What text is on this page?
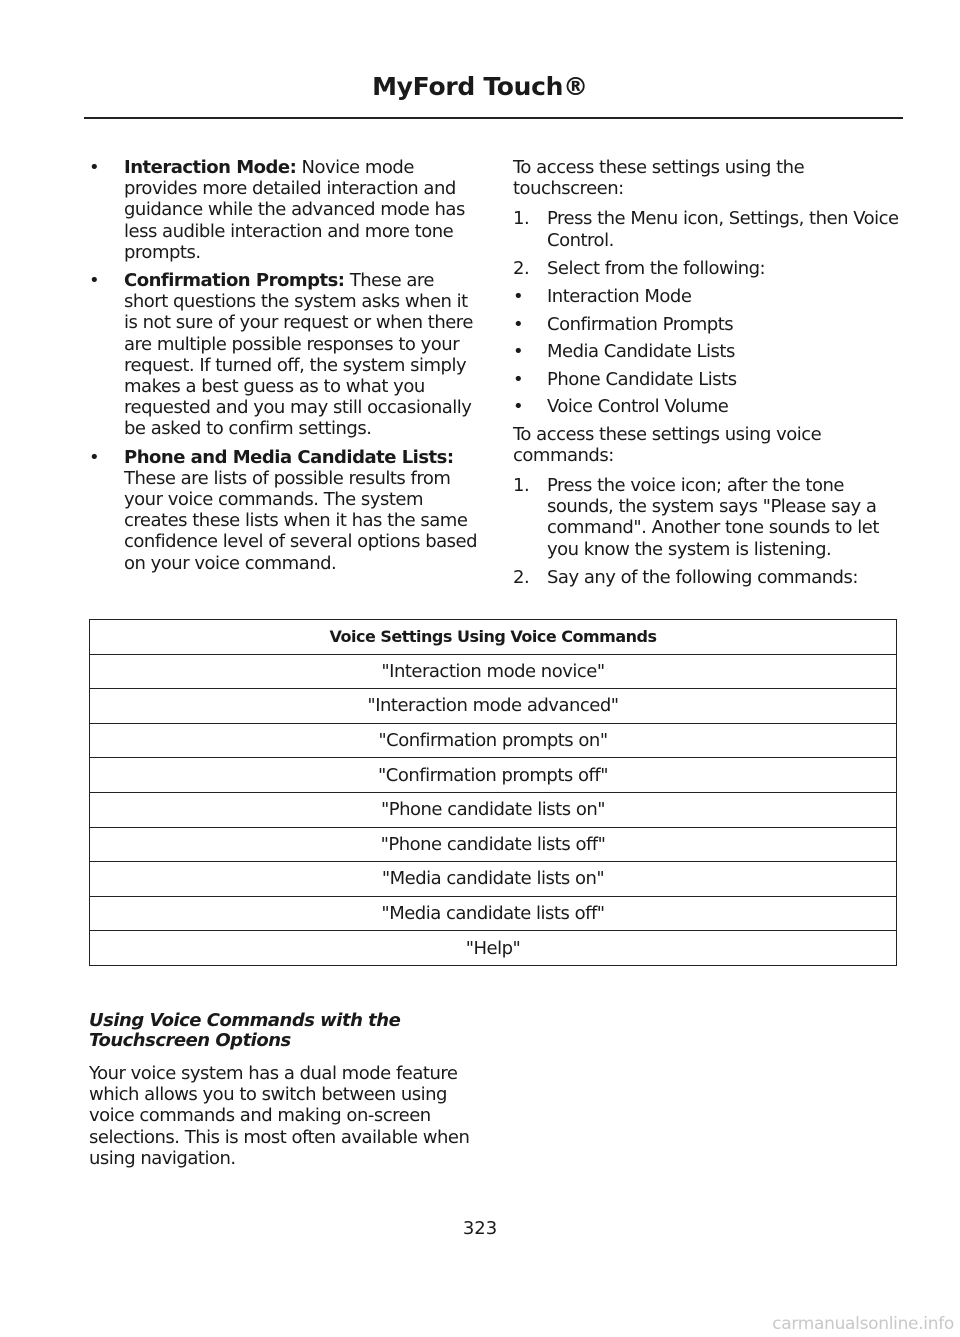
MyFord Touch®
• Interaction Mode: Novice mode provides more detailed interaction and guidance while the advanced mode has less audible interaction and more tone prompts.
• Confirmation Prompts: These are short questions the system asks when it is not sure of your request or when there are multiple possible responses to your request. If turned off, the system simply makes a best guess as to what you requested and you may still occasionally be asked to confirm settings.
• Phone and Media Candidate Lists: These are lists of possible results from your voice commands. The system creates these lists when it has the same confidence level of several options based on your voice command.

To access these settings using the touchscreen:

1. Press the Menu icon, Settings, then Voice Control.
2. Select from the following:
• Interaction Mode
• Confirmation Prompts
• Media Candidate Lists
• Phone Candidate Lists
• Voice Control Volume

To access these settings using voice commands:

1. Press the voice icon; after the tone sounds, the system says "Please say a command". Another tone sounds to let you know the system is listening.
2. Say any of the following commands:
Voice Settings Using Voice Commands
"Interaction mode novice"
"Interaction mode advanced"
"Confirmation prompts on"
"Confirmation prompts off"
"Phone candidate lists on"
"Phone candidate lists off"
"Media candidate lists on"
"Media candidate lists off"
"Help"
Using Voice Commands with the Touchscreen Options
Your voice system has a dual mode feature which allows you to switch between using voice commands and making on-screen selections. This is most often available when using navigation.
323
carmanualsonline.info
